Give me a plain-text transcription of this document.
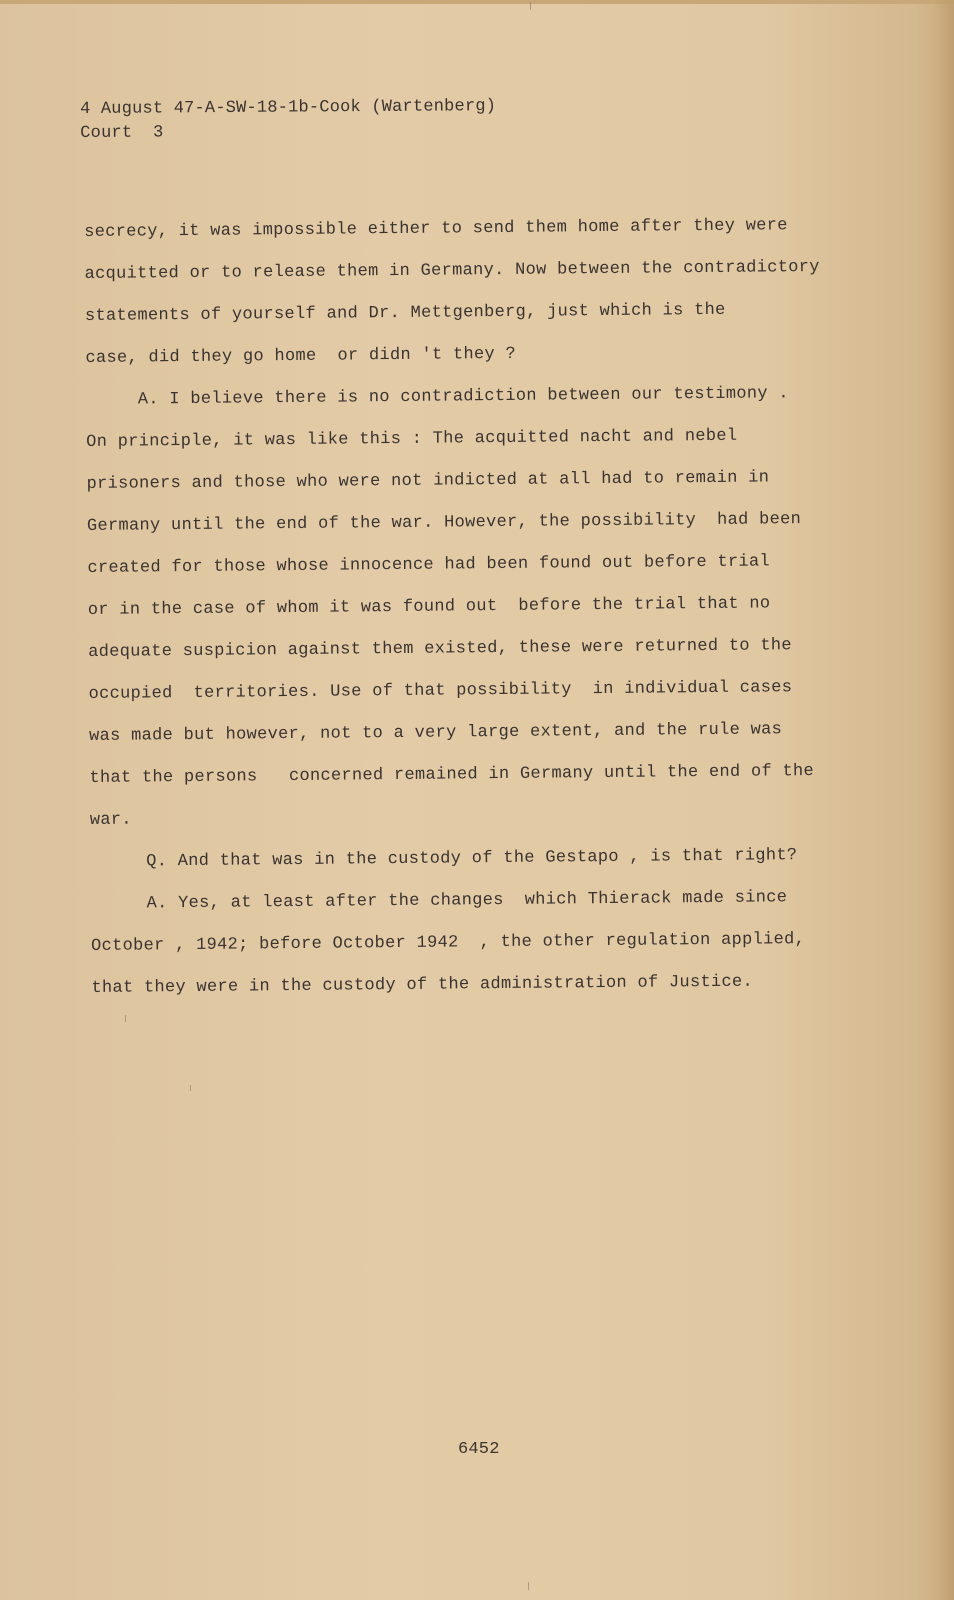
4 August 47-A-SW-18-1b-Cook (Wartenberg)
Court  3
secrecy, it was impossible either to send them home after they were
acquitted or to release them in Germany. Now between the contradictory
statements of yourself and Dr. Mettgenberg, just which is the
case, did they go home  or didn 't they ?
A. I believe there is no contradiction between our testimony .
On principle, it was like this : The acquitted nacht and nebel
prisoners and those who were not indicted at all had to remain in
Germany until the end of the war. However, the possibility  had been
created for those whose innocence had been found out before trial
or in the case of whom it was found out  before the trial that no
adequate suspicion against them existed, these were returned to the
occupied  territories. Use of that possibility  in individual cases
was made but however, not to a very large extent, and the rule was
that the persons   concerned remained in Germany until the end of the
war.
Q. And that was in the custody of the Gestapo , is that right?
A. Yes, at least after the changes  which Thierack made since
October , 1942; before October 1942  , the other regulation applied,
that they were in the custody of the administration of Justice.
6452
